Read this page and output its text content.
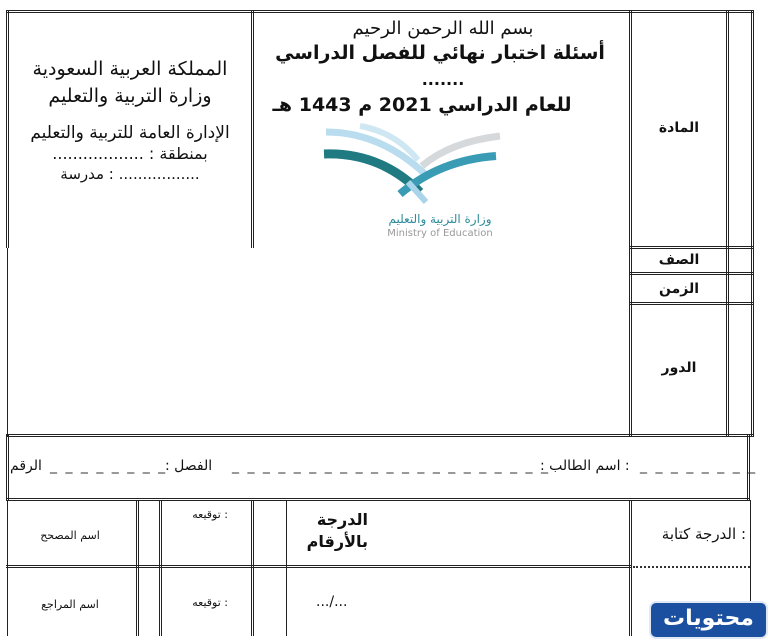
المملكة العربية السعودية
وزارة التربية والتعليم
الإدارة العامة للتربية والتعليم
بمنطقة : ..................
................. : مدرسة
بسم الله الرحمن الرحيم
أسئلة اختبار نهائي للفصل الدراسي
.......
للعام الدراسي 2021 م 1443 هـ
وزارة التربية والتعليم
Ministry of Education
المادة
الصف
الزمن
الدور
_ _ _ _ _ _ _ _
: اسم الطالب :
_ _ _ _ _ _ _ _ _ _ _ _ _ _ _ _ _ _ _ _ _
الفصل :
_ _ _ _ _ _ _ _
الرقم
: الدرجة كتابة
الدرجة
بالأرقام
.../...
: توقيعه
: توقيعه
اسم المصحح
اسم المراجع
محتويات
